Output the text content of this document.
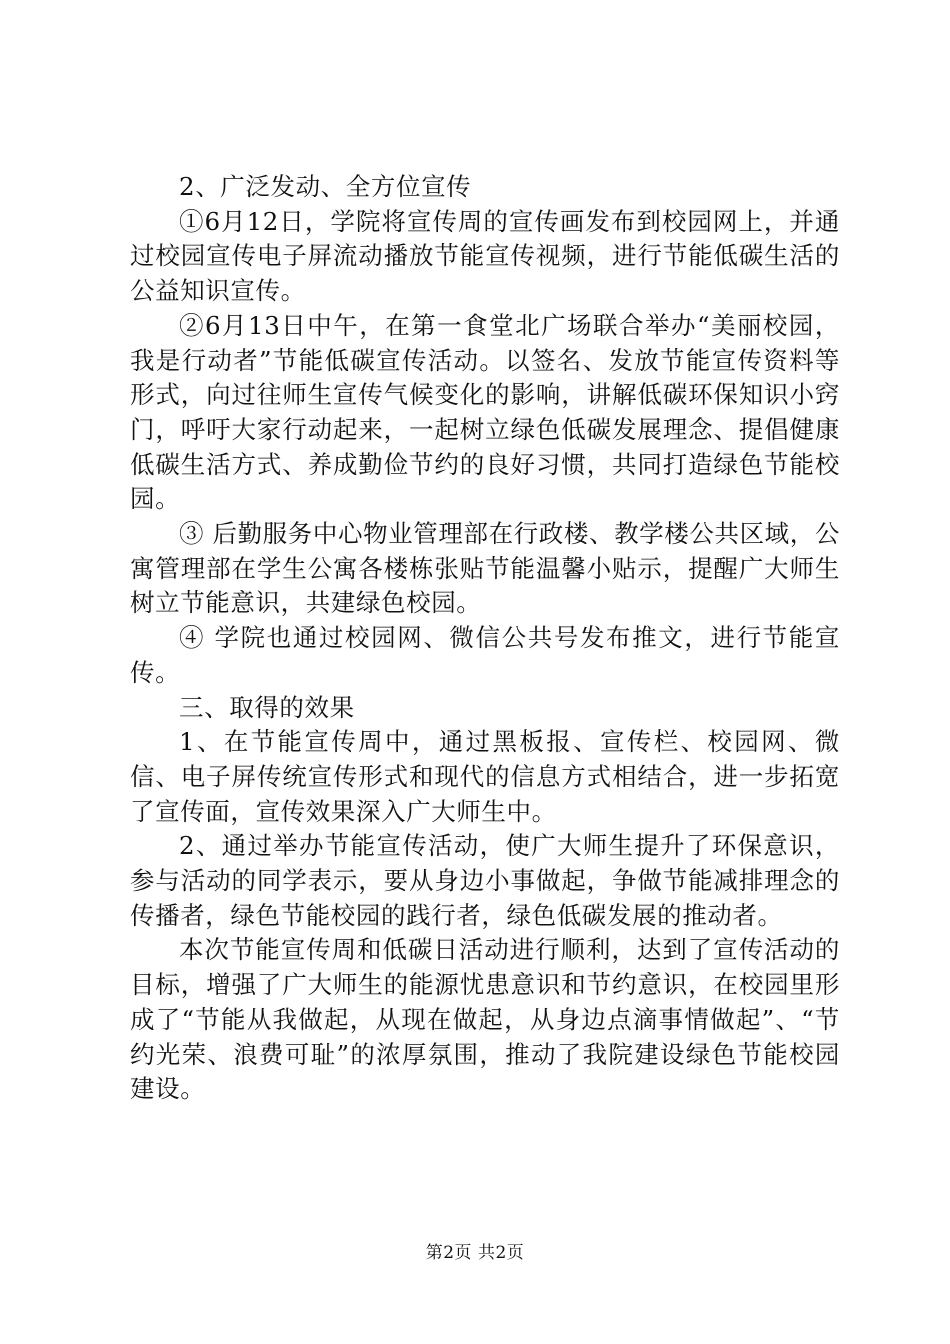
2、广泛发动、全方位宣传

①6月12日，学院将宣传周的宣传画发布到校园网上，并通过校园宣传电子屏流动播放节能宣传视频，进行节能低碳生活的公益知识宣传。

②6月13日中午，在第一食堂北广场联合举办“美丽校园，我是行动者”节能低碳宣传活动。以签名、发放节能宣传资料等形式，向过往师生宣传气候变化的影响，讲解低碳环保知识小窍门，呼吁大家行动起来，一起树立绿色低碳发展理念、提倡健康低碳生活方式、养成勤俭节约的良好习惯，共同打造绿色节能校园。

③ 后勤服务中心物业管理部在行政楼、教学楼公共区域，公寓管理部在学生公寓各楼栋张贴节能温馨小贴示，提醒广大师生树立节能意识，共建绿色校园。

④ 学院也通过校园网、微信公共号发布推文，进行节能宣传。

三、取得的效果

1、在节能宣传周中，通过黑板报、宣传栏、校园网、微信、电子屏传统宣传形式和现代的信息方式相结合，进一步拓宽了宣传面，宣传效果深入广大师生中。

2、通过举办节能宣传活动，使广大师生提升了环保意识，参与活动的同学表示，要从身边小事做起，争做节能减排理念的传播者，绿色节能校园的践行者，绿色低碳发展的推动者。

本次节能宣传周和低碳日活动进行顺利，达到了宣传活动的目标，增强了广大师生的能源忧患意识和节约意识，在校园里形成了“节能从我做起，从现在做起，从身边点滴事情做起”、“节约光荣、浪费可耻”的浓厚氛围，推动了我院建设绿色节能校园建设。

第2页 共2页
